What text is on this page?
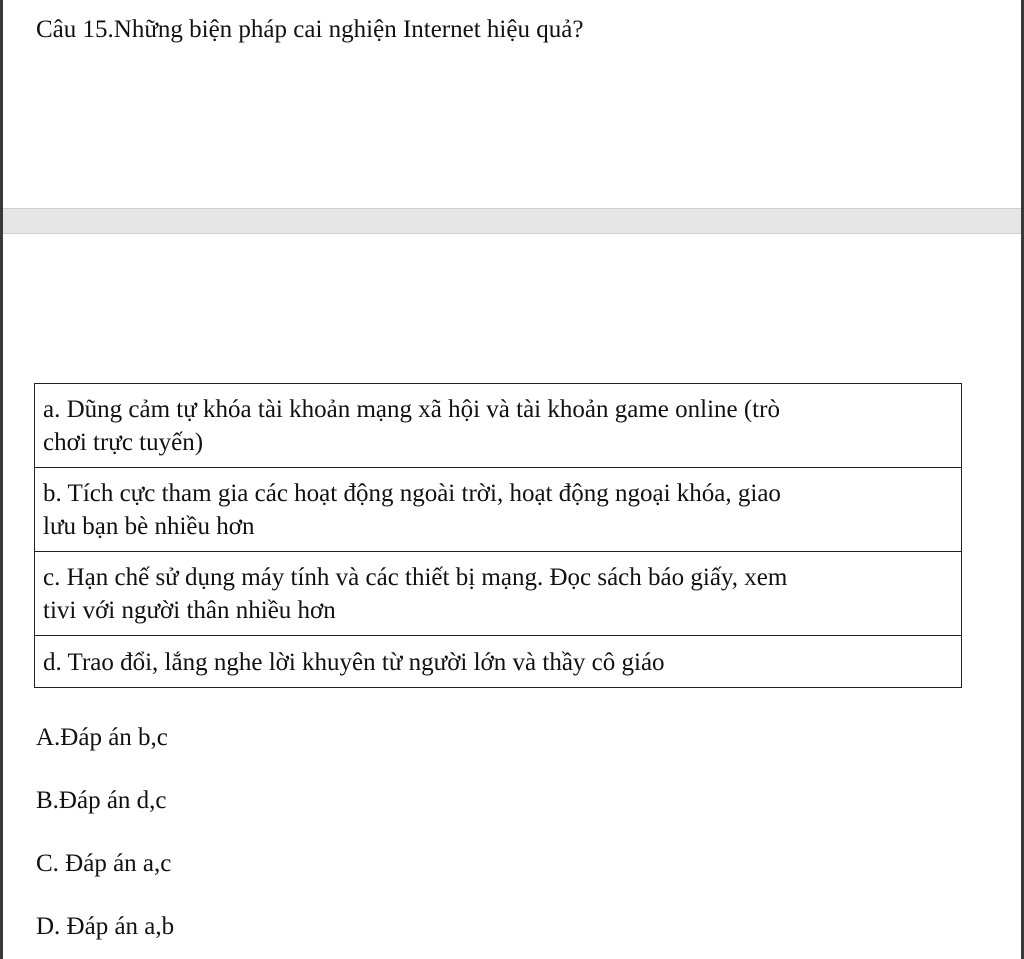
Câu 15.Những biện pháp cai nghiện Internet hiệu quả?
a. Dũng cảm tự khóa tài khoản mạng xã hội và tài khoản game online (trò
chơi trực tuyến)
b. Tích cực tham gia các hoạt động ngoài trời, hoạt động ngoại khóa, giao
lưu bạn bè nhiều hơn
c. Hạn chế sử dụng máy tính và các thiết bị mạng. Đọc sách báo giấy, xem
tivi với người thân nhiều hơn
d. Trao đổi, lắng nghe lời khuyên từ người lớn và thầy cô giáo
A.Đáp án b,c
B.Đáp án d,c
C. Đáp án a,c
D. Đáp án a,b
